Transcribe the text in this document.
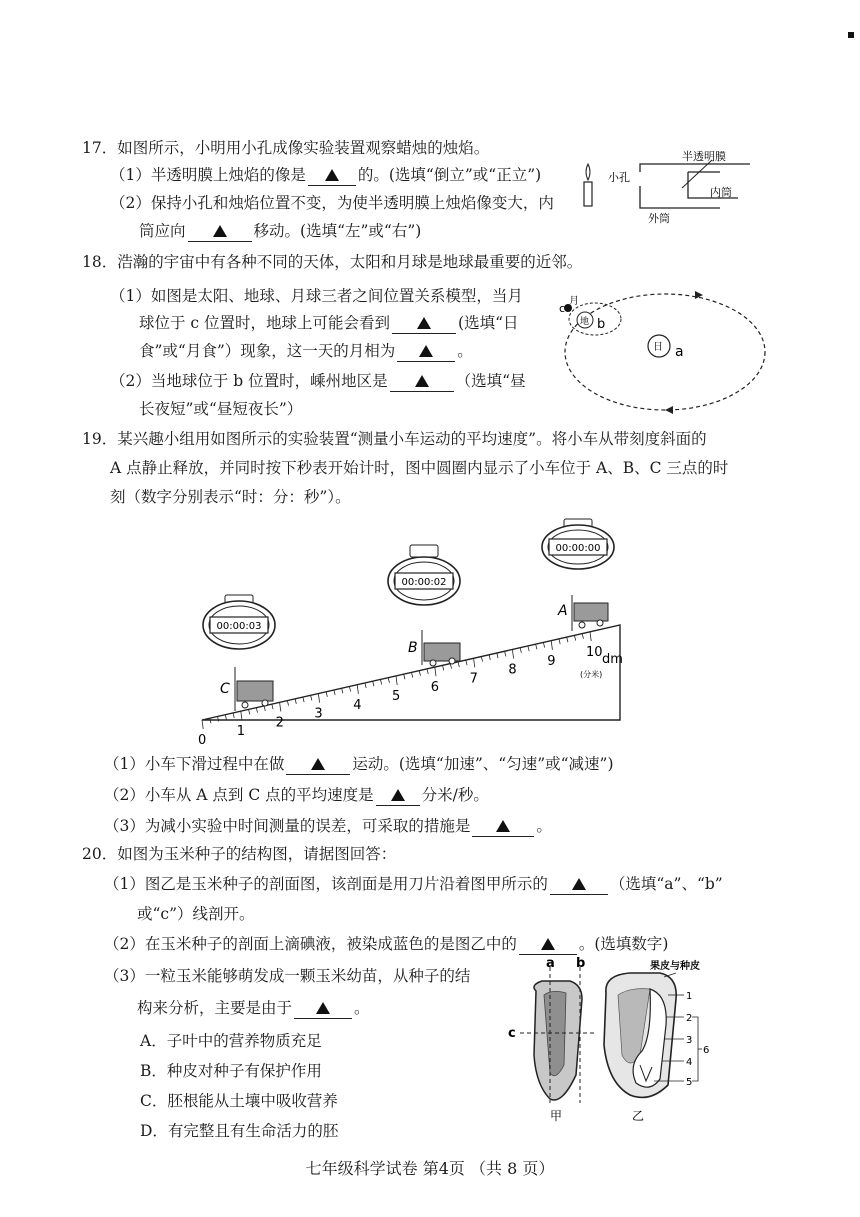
17．如图所示，小明用小孔成像实验装置观察蜡烛的烛焰。
（1）半透明膜上烛焰的像是	的。(选填“倒立”或“正立”)
（2）保持小孔和烛焰位置不变，为使半透明膜上烛焰像变大，内
筒应向	移动。(选填“左”或“右”)
小孔
半透明膜
内筒
外筒
18．浩瀚的宇宙中有各种不同的天体，太阳和月球是地球最重要的近邻。
（1）如图是太阳、地球、月球三者之间位置关系模型，当月
球位于 c 位置时，地球上可能会看到	(选填“日
食”或“月食”）现象，这一天的月相为	。
（2）当地球位于 b 位置时，嵊州地区是	（选填“昼
长夜短”或“昼短夜长”）
c
月
地 b
日 a
19．某兴趣小组用如图所示的实验装置“测量小车运动的平均速度”。将小车从带刻度斜面的
A 点静止释放，并同时按下秒表开始计时，图中圆圈内显示了小车位于 A、B、C 三点的时
刻（数字分别表示“时：分：秒”）。
0
1
2
3
4
5
6
7
8
9
10 dm
(分米)
C
B
A
00:00:03
00:00:02
00:00:00
（1）小车下滑过程中在做	运动。(选填“加速”、“匀速”或“减速”)
（2）小车从 A 点到 C 点的平均速度是	分米/秒。
（3）为减小实验中时间测量的误差，可采取的措施是	。
20．如图为玉米种子的结构图，请据图回答：
（1）图乙是玉米种子的剖面图，该剖面是用刀片沿着图甲所示的	（选填“a”、“b”
或“c”）线剖开。
（2）在玉米种子的剖面上滴碘液，被染成蓝色的是图乙中的	。(选填数字)
（3）一粒玉米能够萌发成一颗玉米幼苗，从种子的结
构来分析，主要是由于	。
A．子叶中的营养物质充足
B．种皮对种子有保护作用
C．胚根能从土壤中吸收营养
D．有完整且有生命活力的胚
a b
c
甲
果皮与种皮
1
2
3
4
5
6
乙
七年级科学试卷 第4页 （共 8 页）
